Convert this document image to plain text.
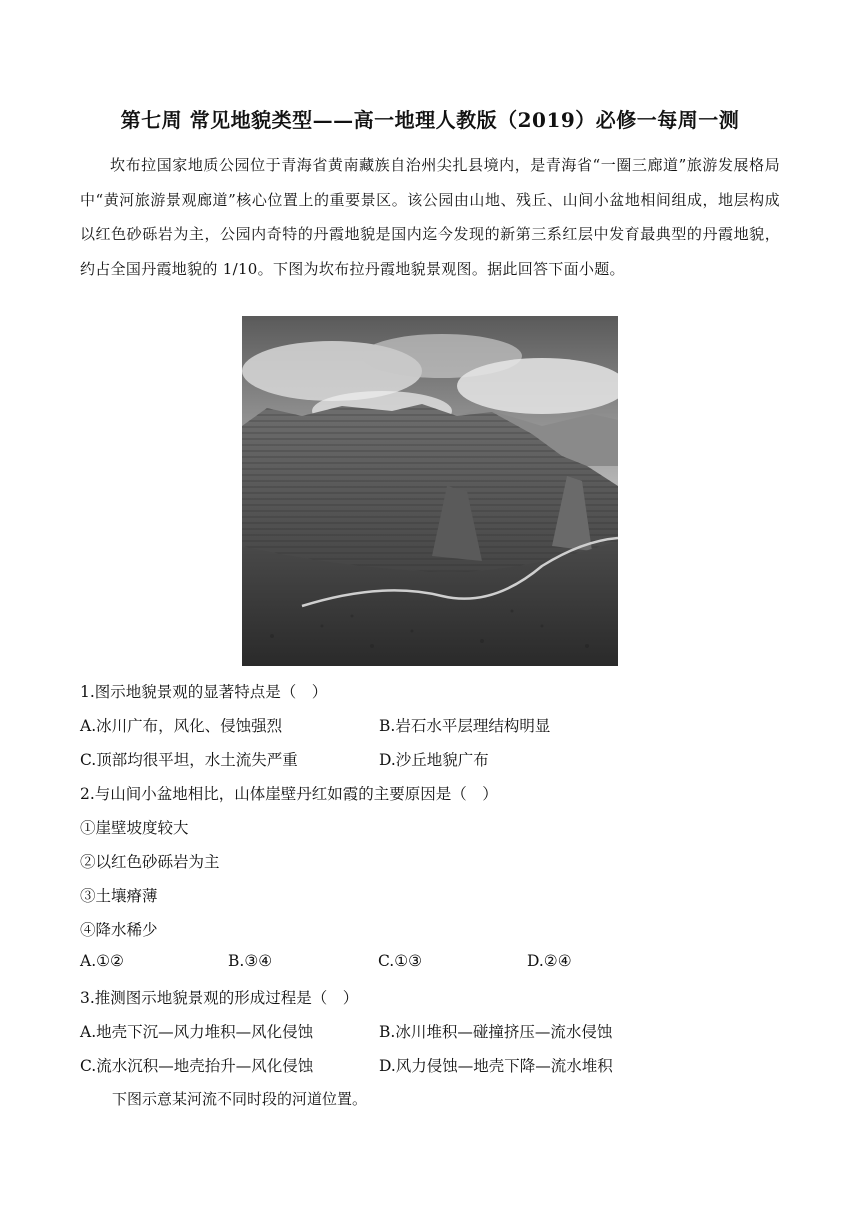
第七周 常见地貌类型——高一地理人教版（2019）必修一每周一测

坎布拉国家地质公园位于青海省黄南藏族自治州尖扎县境内，是青海省“一圈三廊道”旅游发展格局中“黄河旅游景观廊道”核心位置上的重要景区。该公园由山地、残丘、山间小盆地相间组成，地层构成以红色砂砾岩为主，公园内奇特的丹霞地貌是国内迄今发现的新第三系红层中发育最典型的丹霞地貌，约占全国丹霞地貌的 1/10。下图为坎布拉丹霞地貌景观图。据此回答下面小题。

1.图示地貌景观的显著特点是（　）
A.冰川广布，风化、侵蚀强烈	B.岩石水平层理结构明显
C.顶部均很平坦，水土流失严重	D.沙丘地貌广布
2.与山间小盆地相比，山体崖壁丹红如霞的主要原因是（　）
①崖壁坡度较大
②以红色砂砾岩为主
③土壤瘠薄
④降水稀少
A.①②	B.③④	C.①③	D.②④
3.推测图示地貌景观的形成过程是（　）
A.地壳下沉—风力堆积—风化侵蚀	B.冰川堆积—碰撞挤压—流水侵蚀
C.流水沉积—地壳抬升—风化侵蚀	D.风力侵蚀—地壳下降—流水堆积
下图示意某河流不同时段的河道位置。
